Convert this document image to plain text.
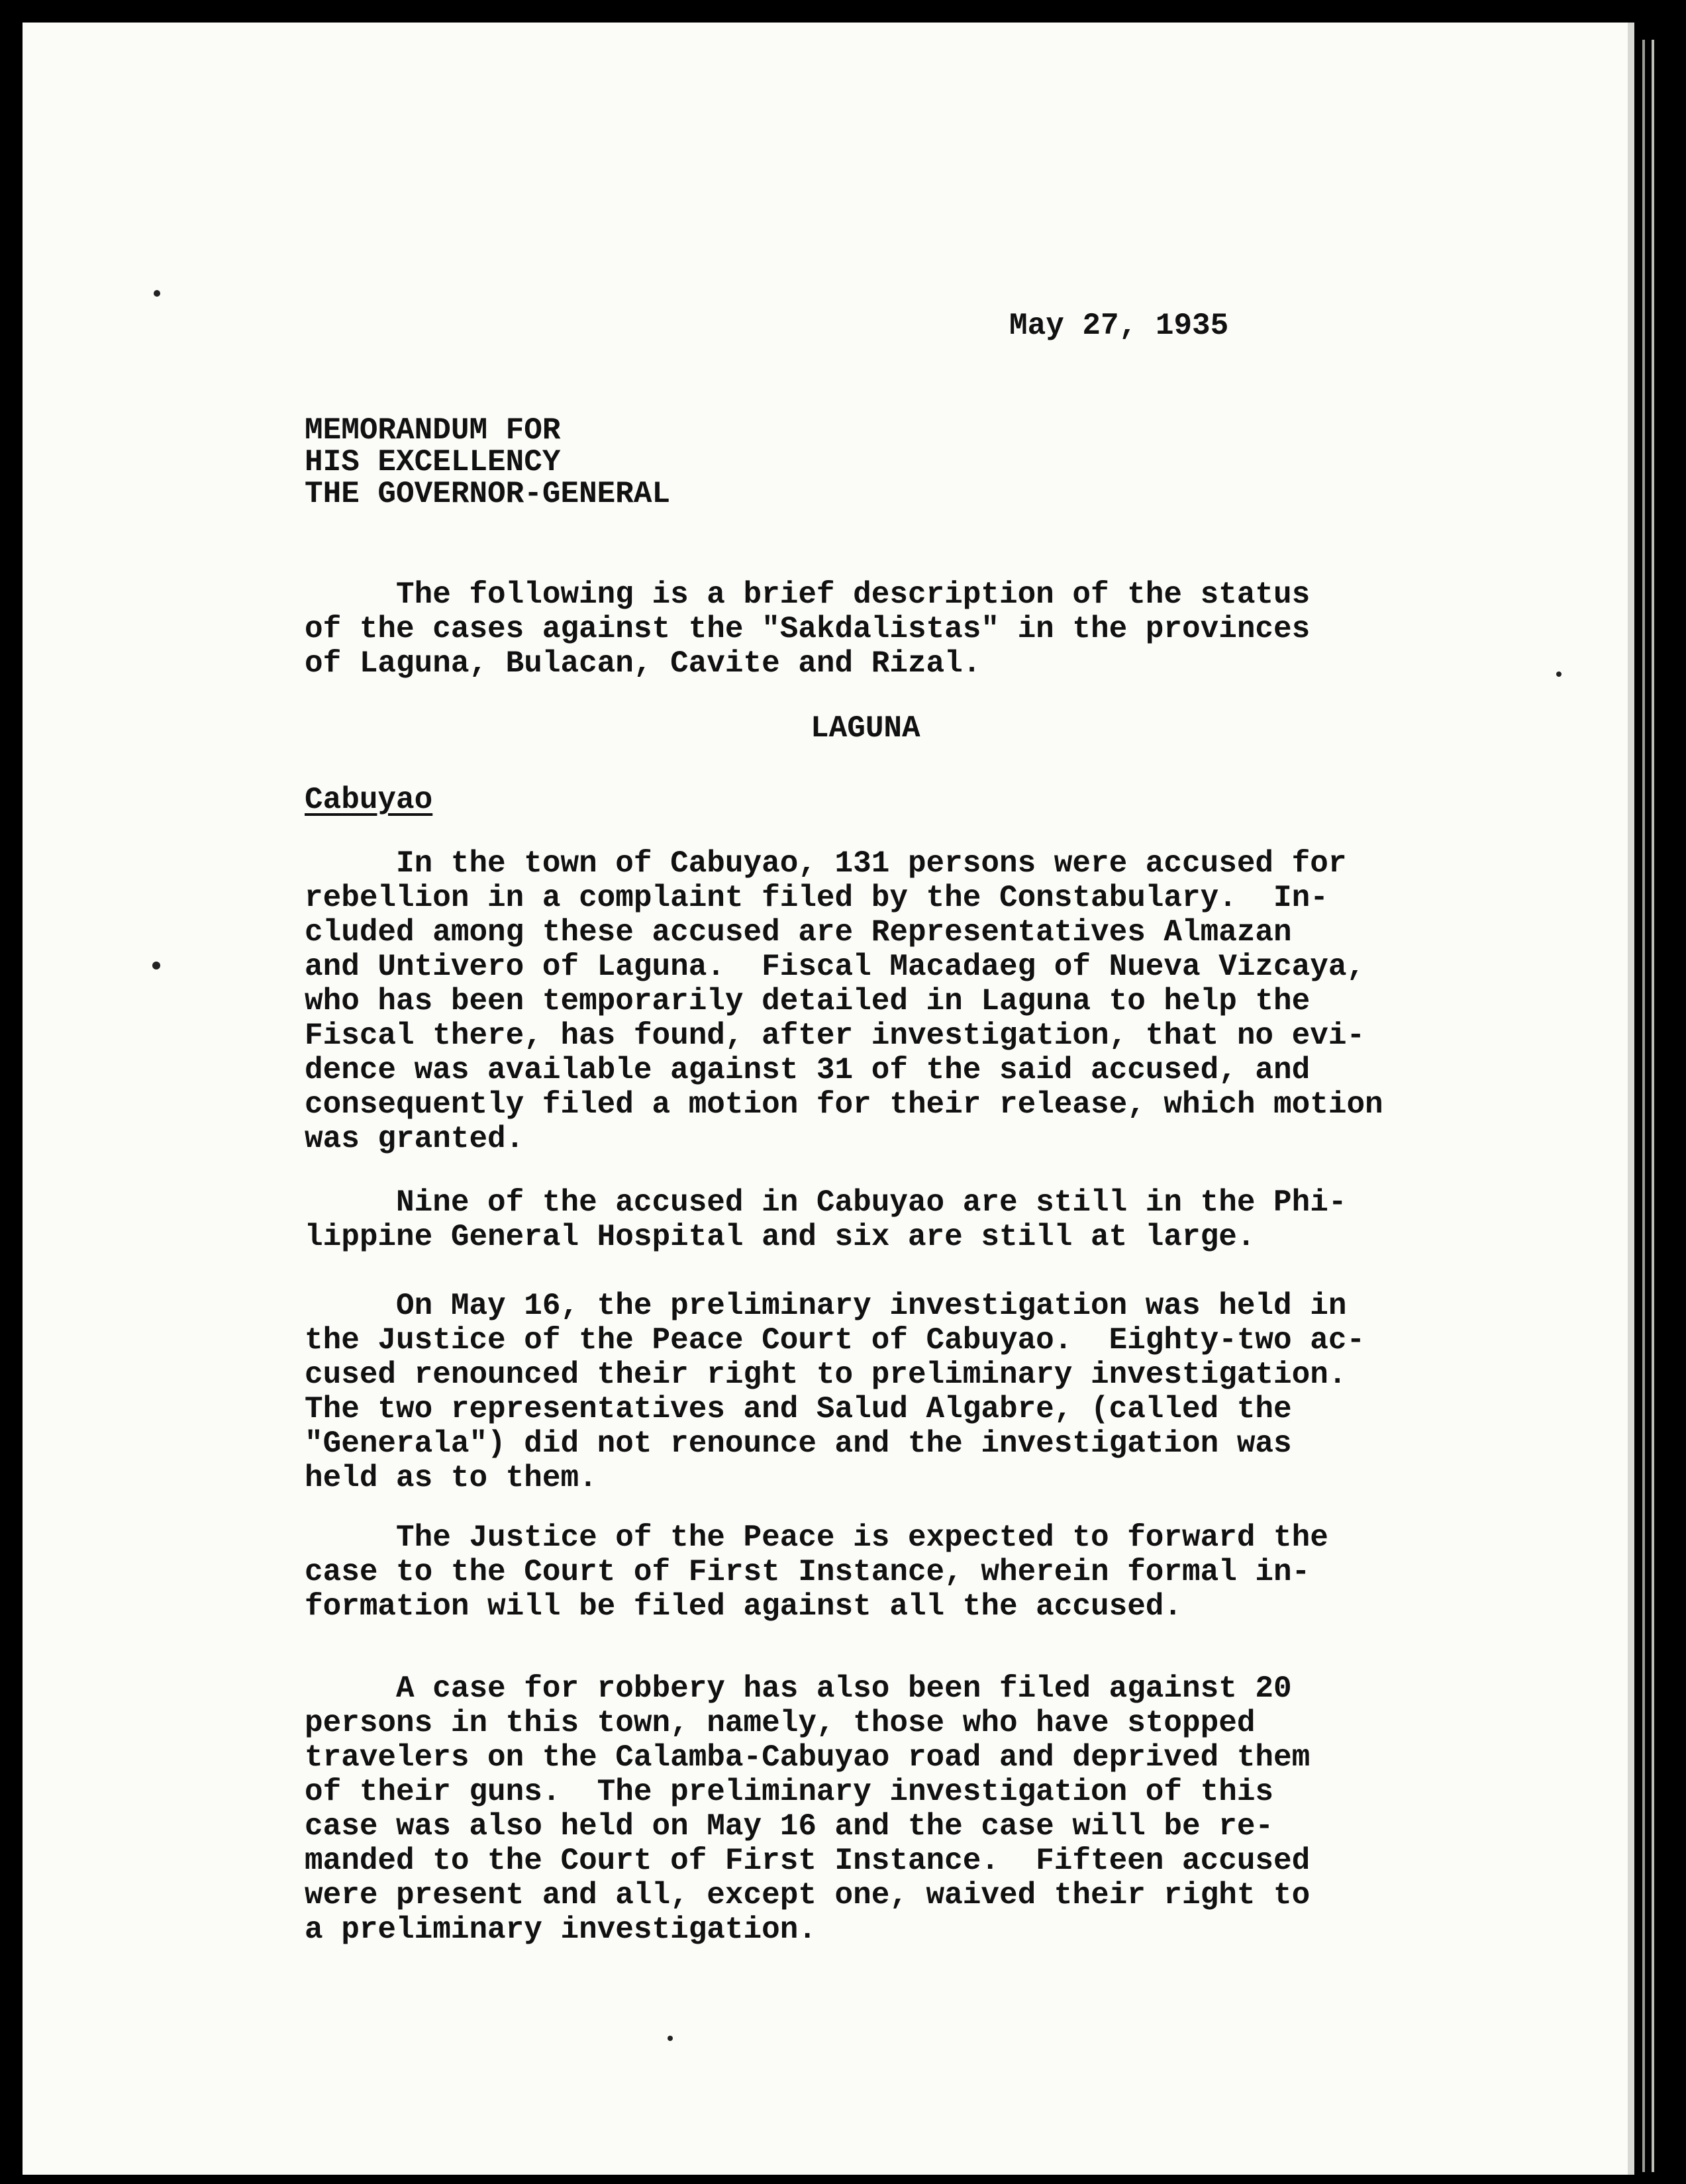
May 27, 1935
MEMORANDUM FOR
HIS EXCELLENCY
THE GOVERNOR-GENERAL
The following is a brief description of the status
of the cases against the "Sakdalistas" in the provinces
of Laguna, Bulacan, Cavite and Rizal.
LAGUNA
Cabuyao
In the town of Cabuyao, 131 persons were accused for
rebellion in a complaint filed by the Constabulary.  In-
cluded among these accused are Representatives Almazan
and Untivero of Laguna.  Fiscal Macadaeg of Nueva Vizcaya,
who has been temporarily detailed in Laguna to help the
Fiscal there, has found, after investigation, that no evi-
dence was available against 31 of the said accused, and
consequently filed a motion for their release, which motion
was granted.
Nine of the accused in Cabuyao are still in the Phi-
lippine General Hospital and six are still at large.
On May 16, the preliminary investigation was held in
the Justice of the Peace Court of Cabuyao.  Eighty-two ac-
cused renounced their right to preliminary investigation.
The two representatives and Salud Algabre, (called the
"Generala") did not renounce and the investigation was
held as to them.
The Justice of the Peace is expected to forward the
case to the Court of First Instance, wherein formal in-
formation will be filed against all the accused.
A case for robbery has also been filed against 20
persons in this town, namely, those who have stopped
travelers on the Calamba-Cabuyao road and deprived them
of their guns.  The preliminary investigation of this
case was also held on May 16 and the case will be re-
manded to the Court of First Instance.  Fifteen accused
were present and all, except one, waived their right to
a preliminary investigation.
